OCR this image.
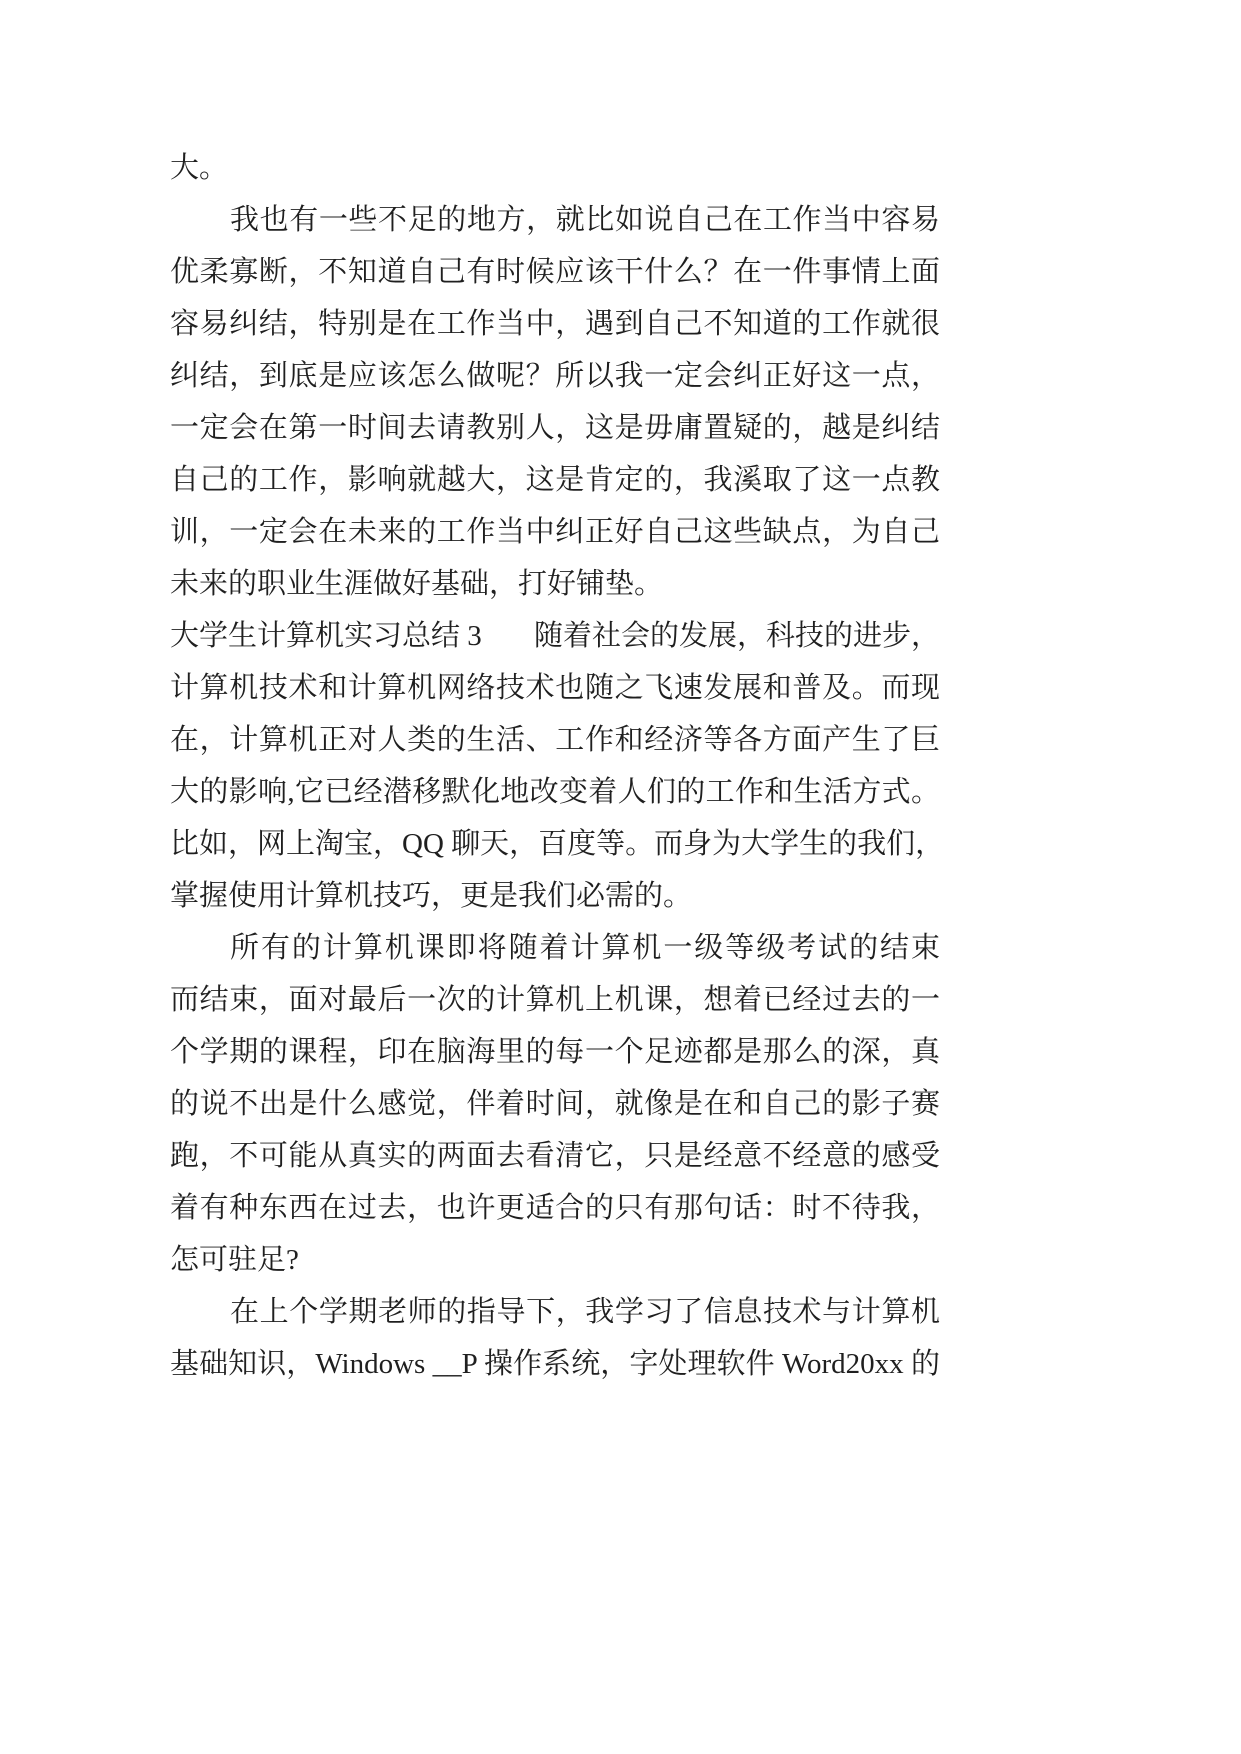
大。
我也有一些不足的地方，就比如说自己在工作当中容易
优柔寡断，不知道自己有时候应该干什么？在一件事情上面
容易纠结，特别是在工作当中，遇到自己不知道的工作就很
纠结，到底是应该怎么做呢？所以我一定会纠正好这一点，
一定会在第一时间去请教别人，这是毋庸置疑的，越是纠结
自己的工作，影响就越大，这是肯定的，我溪取了这一点教
训，一定会在未来的工作当中纠正好自己这些缺点，为自己
未来的职业生涯做好基础，打好铺垫。
大学生计算机实习总结 3 随着社会的发展，科技的进步，
计算机技术和计算机网络技术也随之飞速发展和普及。而现
在，计算机正对人类的生活、工作和经济等各方面产生了巨
大的影响,它已经潜移默化地改变着人们的工作和生活方式。
比如，网上淘宝，QQ 聊天，百度等。而身为大学生的我们，
掌握使用计算机技巧，更是我们必需的。
所有的计算机课即将随着计算机一级等级考试的结束
而结束，面对最后一次的计算机上机课，想着已经过去的一
个学期的课程，印在脑海里的每一个足迹都是那么的深，真
的说不出是什么感觉，伴着时间，就像是在和自己的影子赛
跑，不可能从真实的两面去看清它，只是经意不经意的感受
着有种东西在过去，也许更适合的只有那句话：时不待我，
怎可驻足?
在上个学期老师的指导下，我学习了信息技术与计算机
基础知识，Windows __P 操作系统，字处理软件 Word20xx 的
